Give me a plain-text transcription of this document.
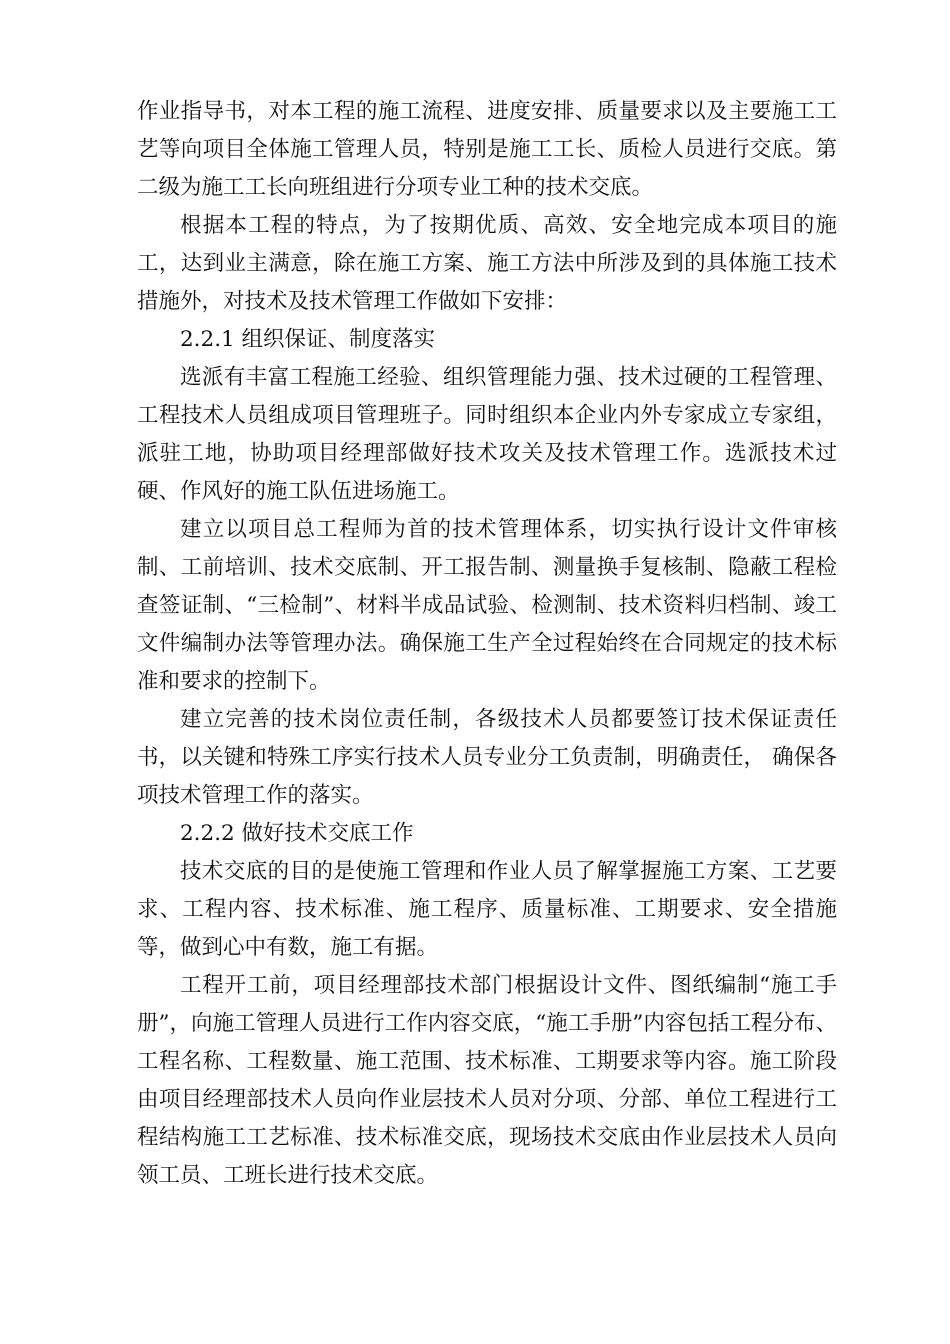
作业指导书，对本工程的施工流程、进度安排、质量要求以及主要施工工艺等向项目全体施工管理人员，特别是施工工长、质检人员进行交底。第二级为施工工长向班组进行分项专业工种的技术交底。

根据本工程的特点，为了按期优质、高效、安全地完成本项目的施工，达到业主满意，除在施工方案、施工方法中所涉及到的具体施工技术措施外，对技术及技术管理工作做如下安排：

2.2.1 组织保证、制度落实

选派有丰富工程施工经验、组织管理能力强、技术过硬的工程管理、工程技术人员组成项目管理班子。同时组织本企业内外专家成立专家组，派驻工地，协助项目经理部做好技术攻关及技术管理工作。选派技术过硬、作风好的施工队伍进场施工。

建立以项目总工程师为首的技术管理体系，切实执行设计文件审核制、工前培训、技术交底制、开工报告制、测量换手复核制、隐蔽工程检查签证制、“三检制”、材料半成品试验、检测制、技术资料归档制、竣工文件编制办法等管理办法。确保施工生产全过程始终在合同规定的技术标准和要求的控制下。

建立完善的技术岗位责任制，各级技术人员都要签订技术保证责任书，以关键和特殊工序实行技术人员专业分工负责制，明确责任， 确保各项技术管理工作的落实。

2.2.2 做好技术交底工作

技术交底的目的是使施工管理和作业人员了解掌握施工方案、工艺要求、工程内容、技术标准、施工程序、质量标准、工期要求、安全措施等，做到心中有数，施工有据。

工程开工前，项目经理部技术部门根据设计文件、图纸编制“施工手册”，向施工管理人员进行工作内容交底，“施工手册”内容包括工程分布、工程名称、工程数量、施工范围、技术标准、工期要求等内容。施工阶段由项目经理部技术人员向作业层技术人员对分项、分部、单位工程进行工程结构施工工艺标准、技术标准交底，现场技术交底由作业层技术人员向领工员、工班长进行技术交底。
